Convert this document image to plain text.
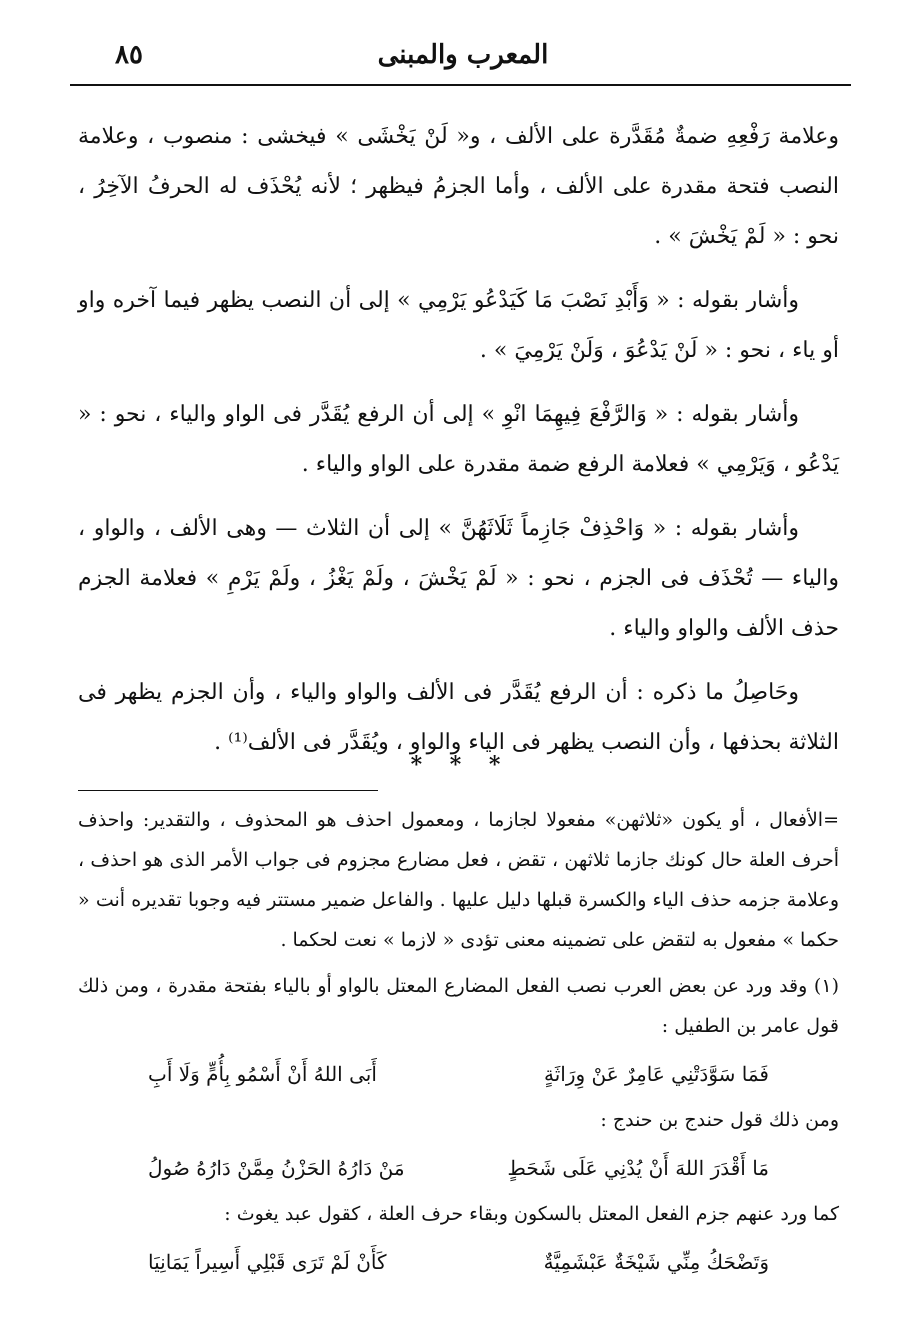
٨٥	المعرب والمبنى

وعلامة رَفْعِهِ ضمةٌ مُقَدَّرة على الألف ، و« لَنْ يَخْشَى » فيخشى : منصوب ، وعلامة النصب فتحة مقدرة على الألف ، وأما الجزمُ فيظهر ؛ لأنه يُحْذَف له الحرفُ الآخِرُ ، نحو : « لَمْ يَخْشَ » .

وأشار بقوله : « وَأَبْدِ نَصْبَ مَا كَيَدْعُو يَرْمِي » إلى أن النصب يظهر فيما آخره واو أو ياء ، نحو : « لَنْ يَدْعُوَ ، وَلَنْ يَرْمِيَ » .

وأشار بقوله : « وَالرَّفْعَ فِيهِمَا انْوِ » إلى أن الرفع يُقَدَّر فى الواو والياء ، نحو : « يَدْعُو ، وَيَرْمِي » فعلامة الرفع ضمة مقدرة على الواو والياء .

وأشار بقوله : « وَاحْذِفْ جَازِماً ثَلَاثَهُنَّ » إلى أن الثلاث — وهى الألف ، والواو ، والياء — تُحْذَف فى الجزم ، نحو : « لَمْ يَخْشَ ، ولَمْ يَغْزُ ، ولَمْ يَرْمِ » فعلامة الجزم حذف الألف والواو والياء .

وحَاصِلُ ما ذكره : أن الرفع يُقَدَّر فى الألف والواو والياء ، وأن الجزم يظهر فى الثلاثة بحذفها ، وأن النصب يظهر فى الياء والواو ، ويُقَدَّر فى الألف⁽¹⁾ .

* * *

=الأفعال ، أو يكون «ثلاثهن» مفعولا لجازما ، ومعمول احذف هو المحذوف ، والتقدير: واحذف أحرف العلة حال كونك جازما ثلاثهن ، تقض ، فعل مضارع مجزوم فى جواب الأمر الذى هو احذف ، وعلامة جزمه حذف الياء والكسرة قبلها دليل عليها . والفاعل ضمير مستتر فيه وجوبا تقديره أنت « حكما » مفعول به لتقض على تضمينه معنى تؤدى « لازما » نعت لحكما .

(١) وقد ورد عن بعض العرب نصب الفعل المضارع المعتل بالواو أو بالياء بفتحة مقدرة ، ومن ذلك قول عامر بن الطفيل :

فَمَا سَوَّدَتْنِي عَامِرٌ عَنْ وِرَاثَةٍ
أَبَى اللهُ أَنْ أَسْمُو بِأُمٍّ وَلَا أَبِ

ومن ذلك قول حندج بن حندج :

مَا أَقْدَرَ اللهَ أَنْ يُدْنِي عَلَى شَحَطٍ
مَنْ دَارُهُ الحَزْنُ مِمَّنْ دَارُهُ صُولُ

كما ورد عنهم جزم الفعل المعتل بالسكون وبقاء حرف العلة ، كقول عبد يغوث :

وَتَضْحَكُ مِنِّي شَيْخَةٌ عَبْشَمِيَّةٌ
كَأَنْ لَمْ تَرَى قَبْلِي أَسِيراً يَمَانِيَا
